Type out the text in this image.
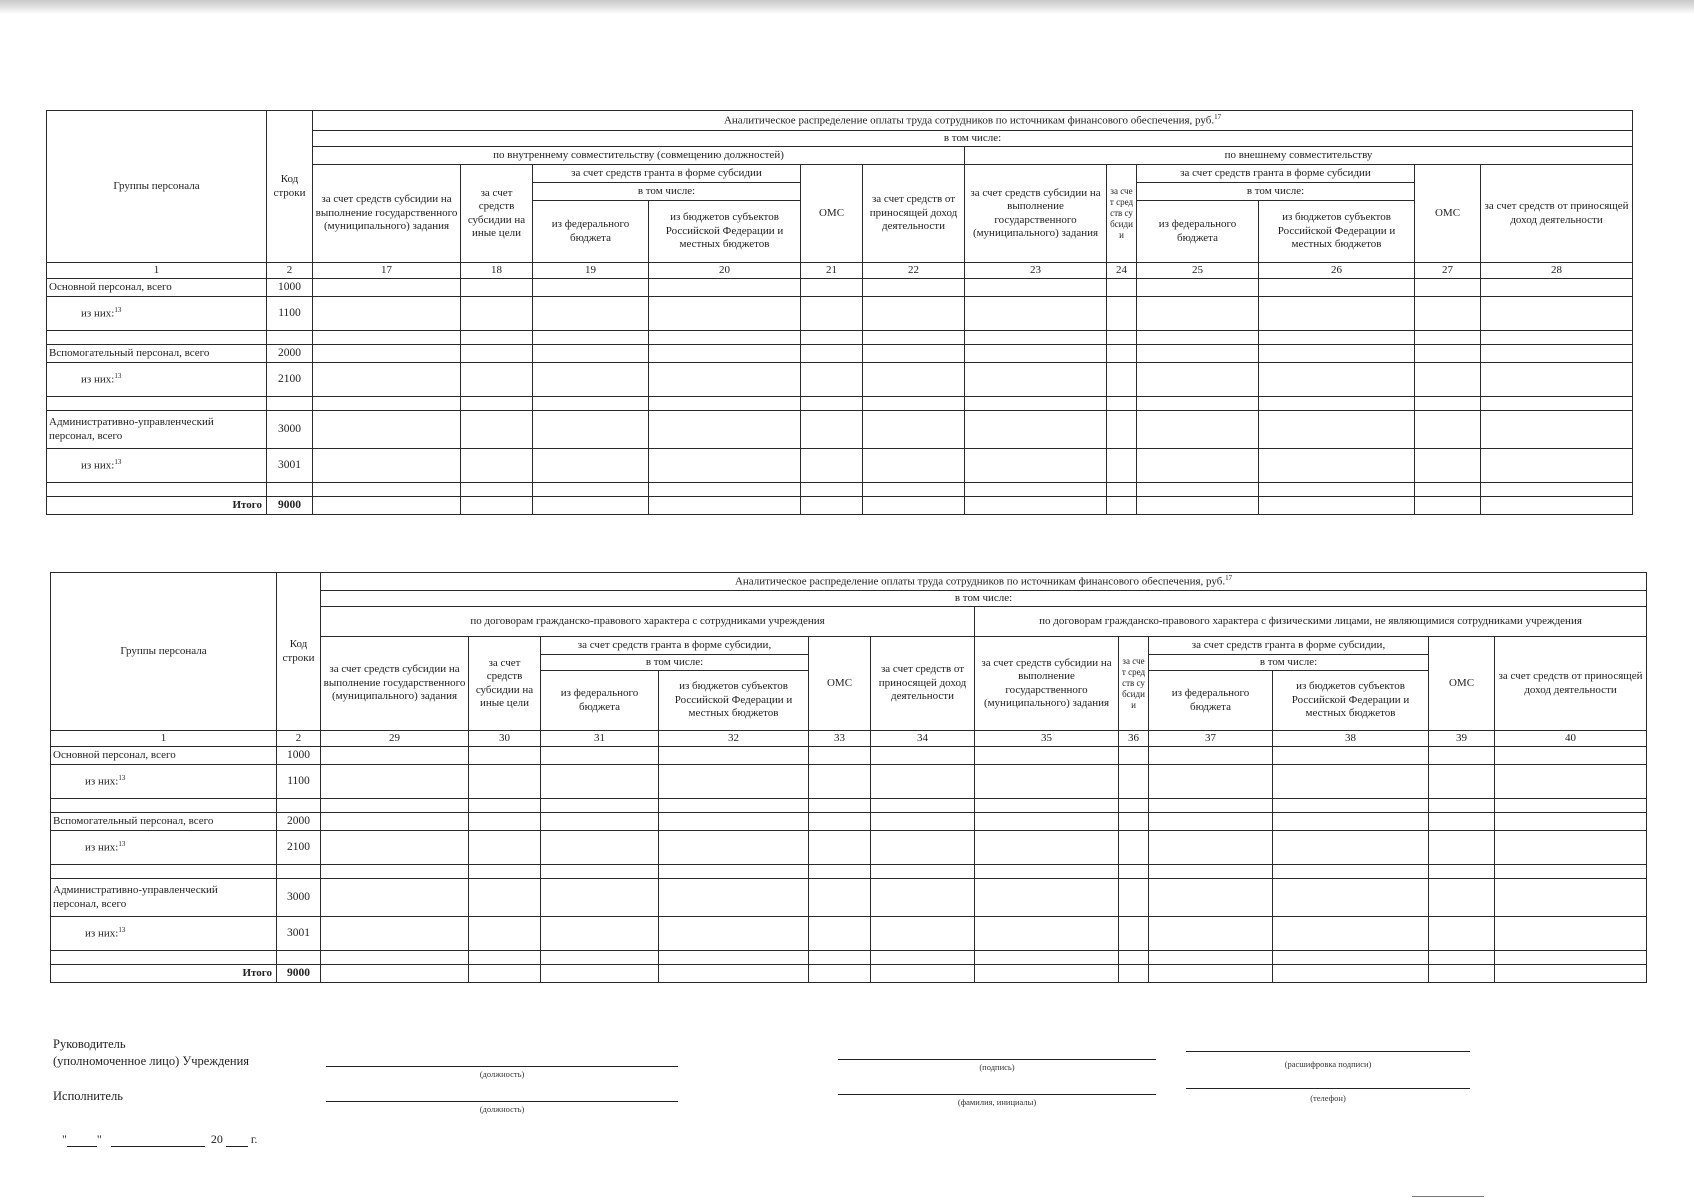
Группы персонала	Код строки	Аналитическое распределение оплаты труда сотрудников по источникам финансового обеспечения, руб.$^{17}$
		в том числе:											
		по внутреннему совместительству (совмещению должностей)						по внешнему совместительству					
		за счет средств субсидии на выполнение государственного (муниципального) задания	за счет средств субсидии на иные цели	за счет средств гранта в форме субсидии		ОМС	за счет средств от приносящей доход деятельности	за счет средств субсидии на выполнение государственного (муниципального) задания	за счет средств субсидии	за счет средств гранта в форме субсидии		ОМС	за счет средств от приносящей доход деятельности
				в том числе:						в том числе:			
				из федерального бюджета	из бюджетов субъектов Российской Федерации и местных бюджетов					из федерального бюджета	из бюджетов субъектов Российской Федерации и местных бюджетов		
1	2	17	18	19	20	21	22	23	24	25	26	27	28
Основной персонал, всего	1000												
из них:$^{13}$	1100												

Вспомогательный персонал, всего	2000												
из них:$^{13}$	2100												

Административно-управленческий
персонал, всего	3000												
из них:$^{13}$	3001												

Итого	9000												
Группы персонала	Код строки	Аналитическое распределение оплаты труда сотрудников по источникам финансового обеспечения, руб.$^{17}$
		в том числе:											
		по договорам гражданско-правового характера с сотрудниками учреждения						по договорам гражданско-правового характера с физическими лицами, не являющимися сотрудниками учреждения					
		за счет средств субсидии на выполнение государственного (муниципального) задания	за счет средств субсидии на иные цели	за счет средств гранта в форме субсидии,		ОМС	за счет средств от приносящей доход деятельности	за счет средств субсидии на выполнение государственного (муниципального) задания	за счет средств субсидии	за счет средств гранта в форме субсидии,		ОМС	за счет средств от приносящей доход деятельности
				в том числе:						в том числе:			
				из федерального бюджета	из бюджетов субъектов Российской Федерации и местных бюджетов					из федерального бюджета	из бюджетов субъектов Российской Федерации и местных бюджетов		
1	2	29	30	31	32	33	34	35	36	37	38	39	40
Основной персонал, всего	1000												
из них:$^{13}$	1100												

Вспомогательный персонал, всего	2000												
из них:$^{13}$	2100												

Административно-управленческий
персонал, всего	3000												
из них:$^{13}$	3001												

Итого	9000												
Руководитель
(уполномоченное лицо) Учреждения
(должность)
(подпись)	(расшифровка подписи)
Исполнитель
(должность)
(фамилия, инициалы)	(телефон)
"	"	20 г.
